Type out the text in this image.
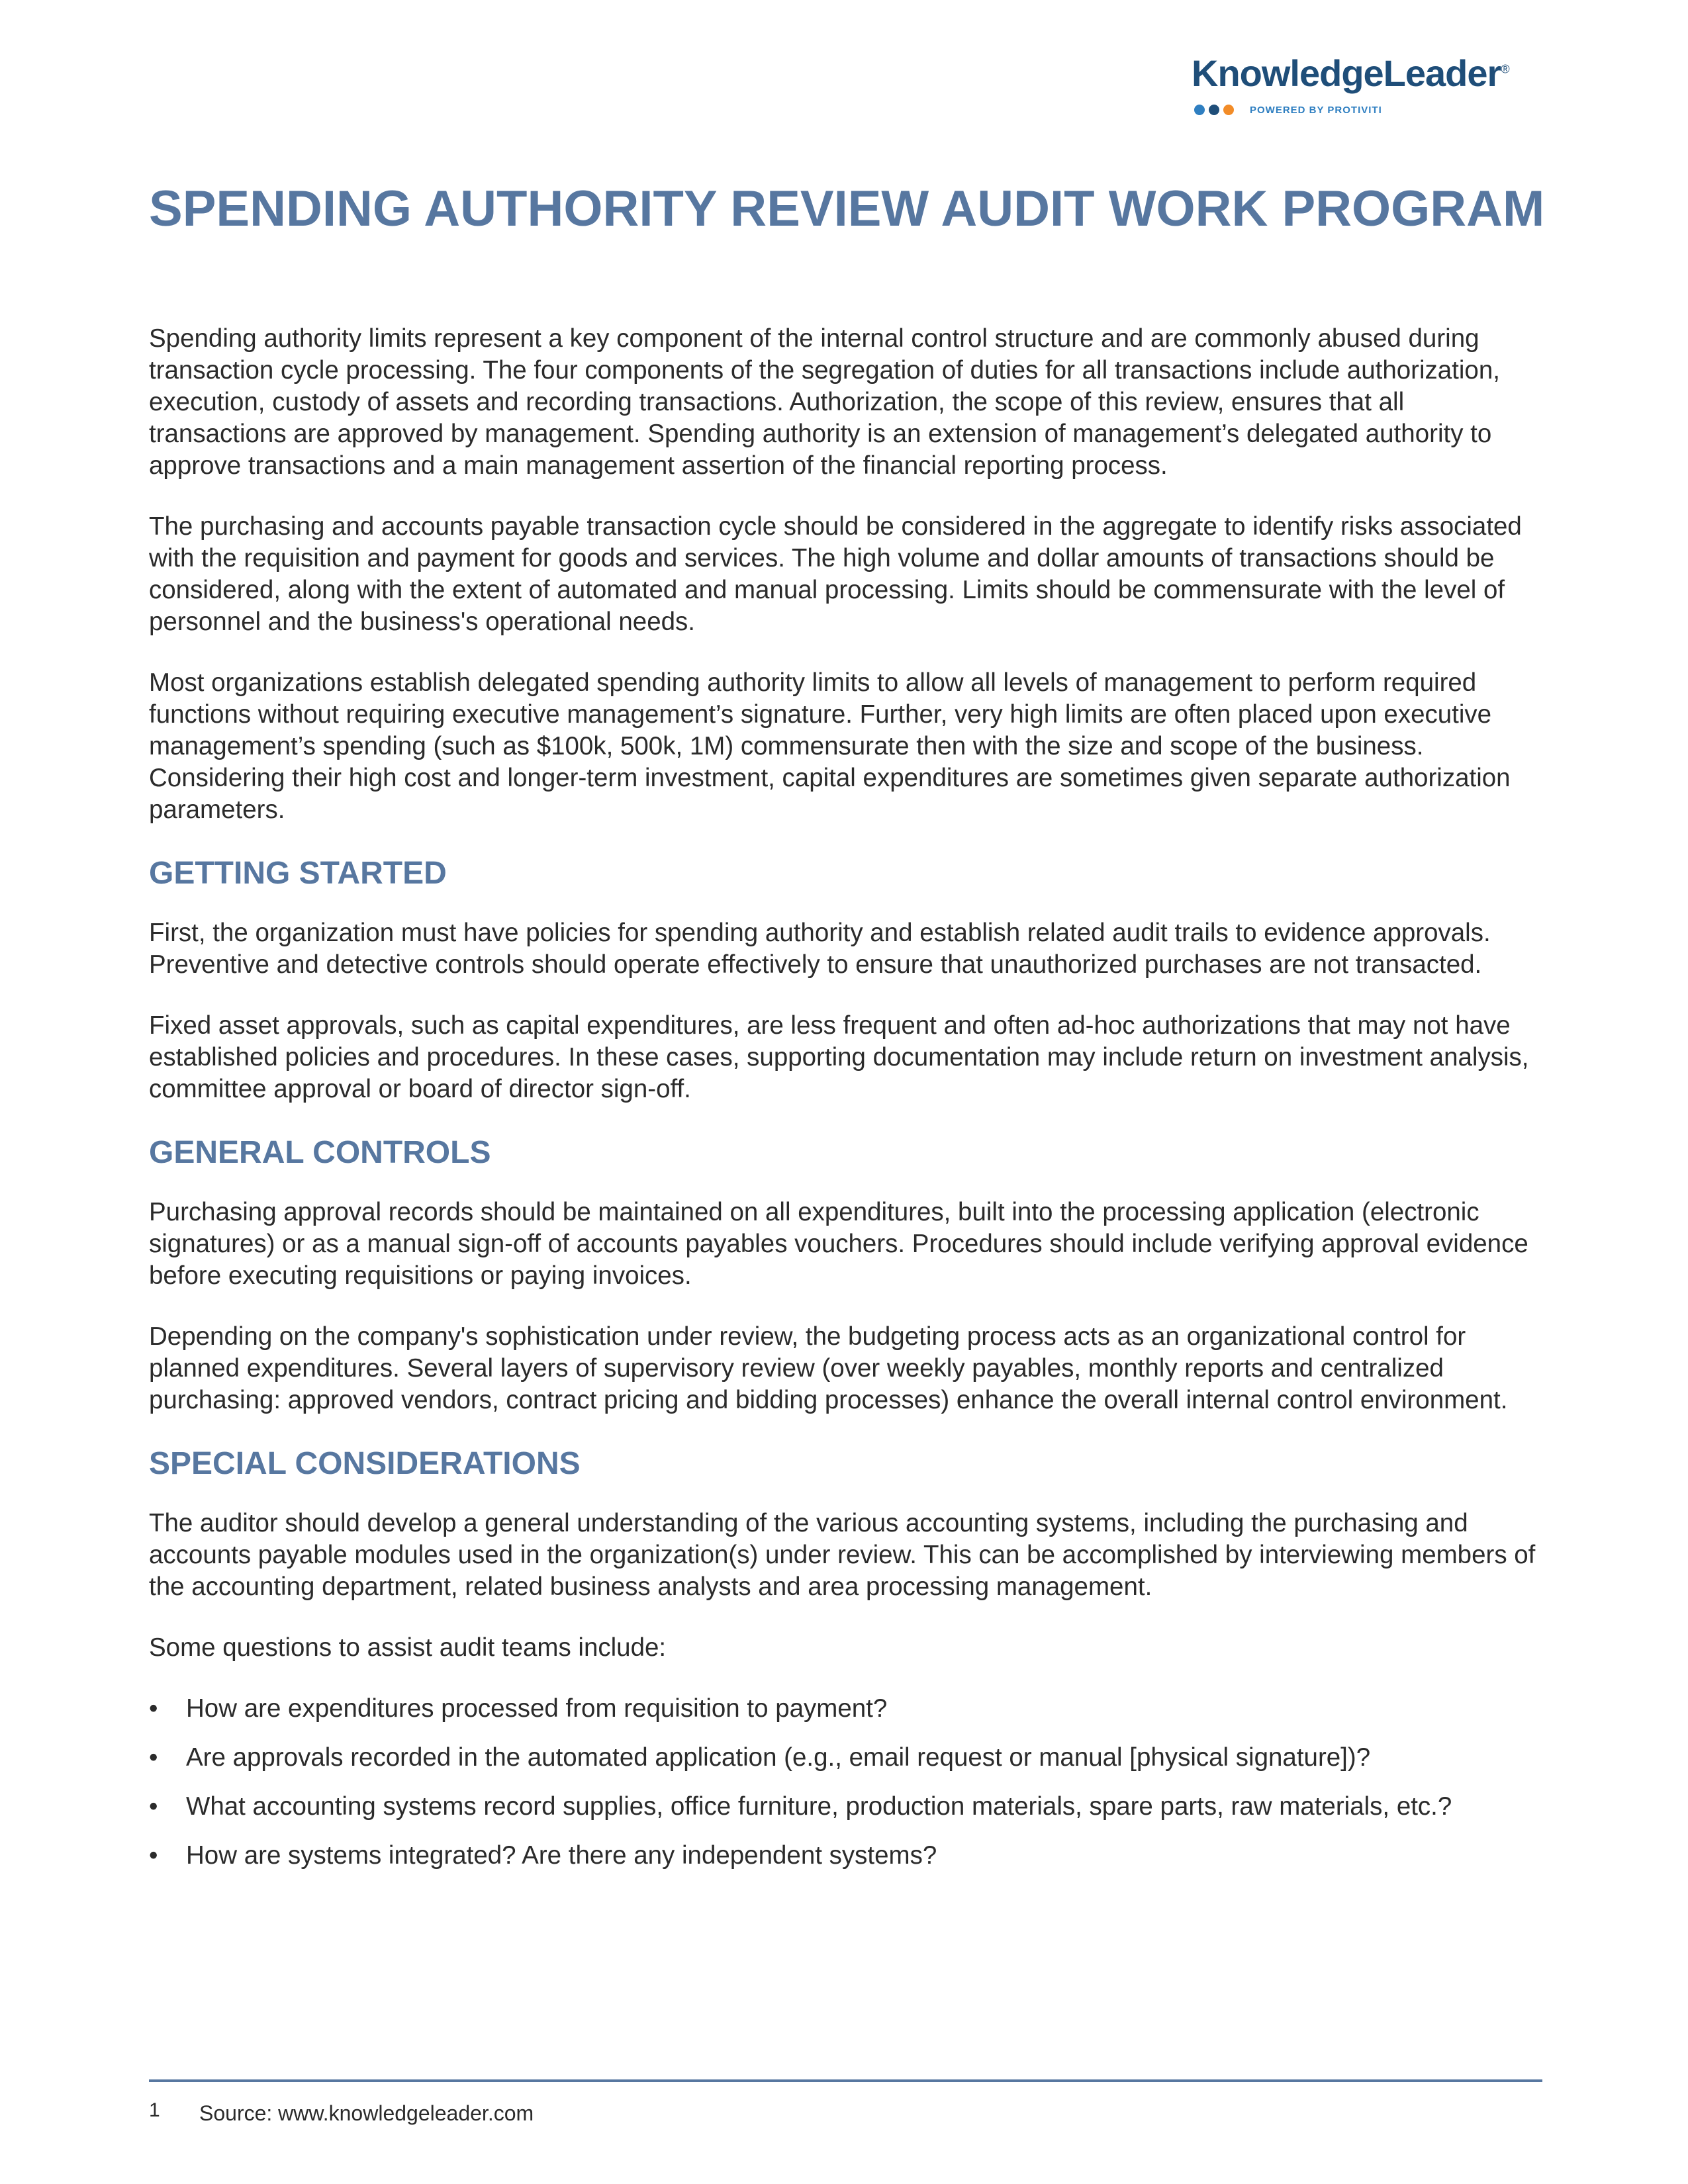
KnowledgeLeader®
POWERED BY PROTIVITI
SPENDING AUTHORITY REVIEW AUDIT WORK PROGRAM

Spending authority limits represent a key component of the internal control structure and are commonly abused during transaction cycle processing. The four components of the segregation of duties for all transactions include authorization, execution, custody of assets and recording transactions. Authorization, the scope of this review, ensures that all transactions are approved by management. Spending authority is an extension of management’s delegated authority to approve transactions and a main management assertion of the financial reporting process.

The purchasing and accounts payable transaction cycle should be considered in the aggregate to identify risks associated with the requisition and payment for goods and services. The high volume and dollar amounts of transactions should be considered, along with the extent of automated and manual processing. Limits should be commensurate with the level of personnel and the business's operational needs.

Most organizations establish delegated spending authority limits to allow all levels of management to perform required functions without requiring executive management’s signature. Further, very high limits are often placed upon executive management’s spending (such as $100k, 500k, 1M) commensurate then with the size and scope of the business. Considering their high cost and longer-term investment, capital expenditures are sometimes given separate authorization parameters.

GETTING STARTED

First, the organization must have policies for spending authority and establish related audit trails to evidence approvals. Preventive and detective controls should operate effectively to ensure that unauthorized purchases are not transacted.

Fixed asset approvals, such as capital expenditures, are less frequent and often ad-hoc authorizations that may not have established policies and procedures. In these cases, supporting documentation may include return on investment analysis, committee approval or board of director sign-off.

GENERAL CONTROLS

Purchasing approval records should be maintained on all expenditures, built into the processing application (electronic signatures) or as a manual sign-off of accounts payables vouchers. Procedures should include verifying approval evidence before executing requisitions or paying invoices.

Depending on the company's sophistication under review, the budgeting process acts as an organizational control for planned expenditures. Several layers of supervisory review (over weekly payables, monthly reports and centralized purchasing: approved vendors, contract pricing and bidding processes) enhance the overall internal control environment.

SPECIAL CONSIDERATIONS

The auditor should develop a general understanding of the various accounting systems, including the purchasing and accounts payable modules used in the organization(s) under review. This can be accomplished by interviewing members of the accounting department, related business analysts and area processing management.

Some questions to assist audit teams include:

• How are expenditures processed from requisition to payment?
• Are approvals recorded in the automated application (e.g., email request or manual [physical signature])?
• What accounting systems record supplies, office furniture, production materials, spare parts, raw materials, etc.?
• How are systems integrated? Are there any independent systems?
1 Source: www.knowledgeleader.com
